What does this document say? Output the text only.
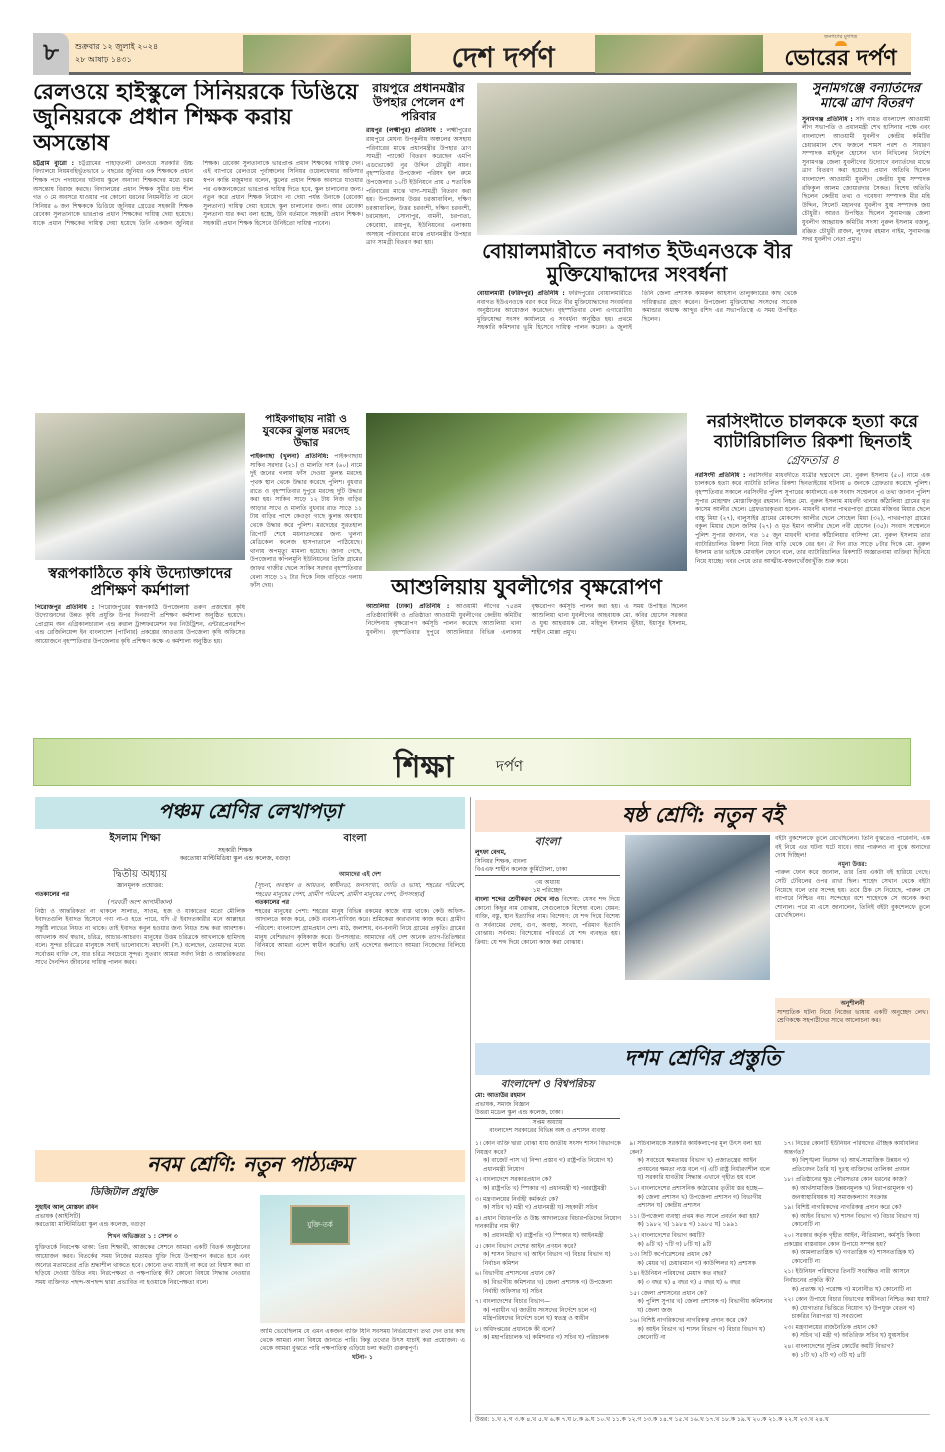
৮	শুক্রবার ১২ জুলাই ২০২৪
২৮ আষাঢ় ১৪৩১	দেশ দর্পণ
জনগণের মুখপত্র
ভোরের দর্পণ
রেলওয়ে হাইস্কুলে সিনিয়রকে ডিঙিয়ে জুনিয়রকে প্রধান শিক্ষক করায় অসন্তোষ
চট্টগ্রাম ব্যুরো : চট্টগ্রামের পাহাড়তলী রেলওয়ে সরকারি উচ্চ বিদ্যালয়ে নিয়মবহির্ভূতভাবে ৮ বছরের জুনিয়র এক শিক্ষককে প্রধান শিক্ষক পদে পদায়নের ঘটনায় স্কুলে অন্যান্য শিক্ষকদের মধ্যে চরম অসন্তোষ বিরাজ করছে। বিদ্যালয়ের প্রধান শিক্ষক সুধীর চন্দ্র শীল গত ৩ মে অবসরে যাওয়ার পর কোনো ধরনের নিয়মনীতি না মেনে সিনিয়র ৬ জন শিক্ষককে ডিঙিয়ে জুনিয়র গ্রেডের সহকারী শিক্ষক রেবেকা সুলতানাকে ভারপ্রাপ্ত প্রধান শিক্ষকের দায়িত্ব দেয়া হয়েছে। যাকে প্রধান শিক্ষকের দায়িত্ব দেয়া হয়েছে তিনি একজন জুনিয়র শিক্ষক। রেবেকা সুলতানাকে ভারপ্রাপ্ত প্রধান শিক্ষকের দায়িত্ব দেন। এই ব্যাপারে রেলওয়ে পূর্বাঞ্চলের সিনিয়র ওয়েলফেয়ার অফিসার স্বপন কান্তি মজুমদার বলেন, স্কুলের প্রধান শিক্ষক অবসরে যাওয়ার পর একজনকেতো ভারপ্রাপ্ত দায়িত্ব দিতে হবে, স্কুল চালানোর জন্য। নতুন করে প্রধান শিক্ষক নিয়োগ না দেয়া পর্যন্ত উনাকে (রেবেকা সুলতানা) দায়িত্ব দেয়া হয়েছে স্কুল চালানোর জন্য। আর রেবেকা সুলতানা যার কথা বলা হচ্ছে, উনি বর্তমানে সহকারী প্রধান শিক্ষক। সহকারী প্রধান শিক্ষক হিসেবে উনিইতো দায়িত্ব পাবেন।
রায়পুরে প্রধানমন্ত্রীর উপহার পেলেন ৫শ পরিবার
রায়পুর (লক্ষ্মীপুর) প্রতিনিধি : লক্ষ্মীপুরের রায়পুরে মেঘনা উপকূলীয় অঞ্চলের অসহায় পরিবারের মাঝে প্রধানমন্ত্রীর উপহার ত্রাণ সামগ্রী প্যাকেট বিতরণ করেছেন এমপি এডভোকেট নুর উদ্দিন চৌধুরী নয়ন। বৃহস্পতিবার উপজেলা পরিষদ হল রুমে উপজেলার ১০টি ইউনিয়নে প্রায় ৫ শতাধিক পরিবারের মাঝে খাদ্য-সামগ্রী বিতরণ করা হয়। উপজেলার উত্তর চরআবাবিল, দক্ষিণ চরআবাবিল, উত্তর চরবংশী, দক্ষিণ চরবংশী, চরমোহনা, সোনাপুর, বামনী, চরপাতা, কেরোয়া, রায়পুর, ইউনিয়নের এলাকায় অসহায় পরিবারের মাঝে প্রধানমন্ত্রীর উপহার ত্রাণ সামগ্রী বিতরণ করা হয়।	বোয়ালমারীতে নবাগত ইউএনওকে বীর মুক্তিযোদ্ধাদের সংবর্ধনা
বোয়ালমারী (ফরিদপুর) প্রতিনিধি : ফরিদপুরের বোয়ালমারীতে নবাগত ইউএনওকে বরণ করে নিতে বীর মুক্তিযোদ্ধাদের সংবর্ধনার অনুষ্ঠানের আয়োজন করেছেন। বৃহস্পতিবার বেলা এগারোটায় মুক্তিযোদ্ধা সংসদ কার্যালয়ে এ সংবর্ধনা অনুষ্ঠিত হয়। প্রথমে সহকারি কমিশনার ভূমি হিসেবে দায়িত্ব পালন করেন। ৯ জুলাই তিনি জেলা প্রশাসক কামরুল আহসান তালুকদারের কাছ থেকে দায়িত্বভার গ্রহণ করেন। উপজেলা মুক্তিযোদ্ধা সংসদের সাবেক কমান্ডার অধ্যক্ষ আব্দুর রশিদ এর সভাপতিত্বে এ সময় উপস্থিত ছিলেন।
সুনামগঞ্জে বন্যার্তদের মাঝে ত্রাণ বিতরণ
সুনামগঞ্জ প্রতিনিধি : সদি বাধত বাংলাদেশ আওয়ামী লীগ সভাপতি ও প্রধানমন্ত্রী শেখ হাসিনার পক্ষে এবং বাংলাদেশ আওয়ামী যুবলীগ কেন্দ্রীয় কমিটির চেয়ারম্যান শেখ ফজলে শামস পরশ ও সাধারণ সম্পাদক মাইনুল হোসেন খান নিখিলের নির্দেশে সুনামগঞ্জ জেলা যুবলীগের উদ্যোগে বন্যার্তদের মাঝে ত্রাণ বিতরণ করা হয়েছে। প্রধান অতিথি ছিলেন বাংলাদেশ আওয়ামী যুবলীগ কেন্দ্রীয় যুগ্ম সম্পাদক রফিকুল আলম জোয়ারদার সৈকত। বিশেষ অতিথি ছিলেন কেন্দ্রীয় তথ্য ও গবেষণা সম্পাদক মীর মহি উদ্দিন, সিলেট মহানগর যুবলীগ যুগ্ম সম্পাদক জয় চৌধুরী। আরও উপস্থিত ছিলেন সুনামগঞ্জ জেলা যুবলীগ আহ্বায়ক কমিটির সদস্য নুরুল ইসলাম বজলু, রঞ্জিত চৌধুরী রাজন, লুৎফর রহমান নাইম, সুনামগঞ্জ সদর যুবলীগ নেতা প্রমুখ।
স্বরূপকাঠিতে কৃষি উদ্যোক্তাদের প্রশিক্ষণ কর্মশালা
পিরোজপুর প্রতিনিধি : পিরোজপুরের স্বরূপকাঠি উপজেলায় তরুণ প্রজন্মের কৃষি উদ্যোক্তাদের উন্নত কৃষি প্রযুক্তি উপর দিনব্যাপী প্রশিক্ষণ কর্মশালা অনুষ্ঠিত হয়েছে। প্রোগ্রাম অন এগ্রিকালচারাল এন্ড রুরাল ট্রান্সফরমেশন ফর নিউট্রিশন, এন্টারপ্রেনরশিপ এন্ড রেজিলিয়েন্স ইন বাংলাদেশ (পার্টনার) প্রকল্পের আওতায় উপজেলা কৃষি অফিসের আয়োজনে বৃহস্পতিবার উপজেলার কৃষি প্রশিক্ষণ কক্ষে এ কর্মশালা অনুষ্ঠিত হয়।
পাইকগাছায় নারী ও যুবকের ঝুলন্ত মরদেহ উদ্ধার
পাইকগাছা (খুলনা) প্রতিনিধি: পাইকগাছায় সাকিব সরদার (২১) ও মালতি দাস (৬০) নামে দুই জনের গলায় ফাঁস দেওয়া ঝুলন্ত মরদেহ পৃথক স্থান থেকে উদ্ধার করেছে পুলিশ। বুধবার রাতে ও বৃহস্পতিবার দুপুরে মরদেহ দুটি উদ্ধার করা হয়। সাকিব সাড়ে ১২ টায় নিজ বাড়ির আড়ার সাথে ও মালতি বুধবার রাত সাড়ে ১১ টায় বাড়ির পাশে কেওড়া গাছে ঝুলন্ত অবস্থায় থেকে উদ্ধার করে পুলিশ। মরদেহের সুরতহাল রিপোর্ট শেষে ময়নাতদন্তের জন্য খুলনা মেডিকেল কলেজ হাসপাতালে পাঠিয়েছে। থানায় অপমৃত্যু মামলা হয়েছে। জানা গেছে, উপজেলার কপিলমুনি ইউনিয়নের প্রিজি গ্রামের জাফর গাজীর ছেলে সাকিব সরদার বৃহস্পতিবার বেলা সাড়ে ১২ টার দিকে নিজ বাড়িতে গলায় ফাঁস দেয়।	আশুলিয়ায় যুবলীগের বৃক্ষরোপণ
আশুলিয়া (ঢাকা) প্রতিনিধি : আওয়ামী লীগের ৭৫তম প্রতিষ্ঠাবার্ষিকী ও প্রতিষ্ঠাতা আওয়ামী যুবলীগের কেন্দ্রীয় কমিটির নির্দেশনায় বৃক্ষরোপণ কর্মসূচি পালন করেছে আশুলিয়া থানা যুবলীগ। বৃহস্পতিবার দুপুরে আশুলিয়ার বিভিন্ন এলাকায় বৃক্ষরোপণ কর্মসূচি পালন করা হয়। এ সময় উপস্থিত ছিলেন আশুলিয়া থানা যুবলীগের আহবায়ক মো. কবির হোসেন সরকার ও যুগ্ম আহবায়ক মো. মহিদুল ইসলাম ভূঁইয়া, ইয়াসুর ইসলাম, শাহীন মোল্লা প্রমুখ।
নরসিংদীতে চালককে হত্যা করে ব্যাটারিচালিত রিকশা ছিনতাই
গ্রেফতার ৪
নরসিংদী প্রতিনিধি : নরসিংদীর মাধবদীতে যাত্রীর ছদ্মবেশে মো. নুরুল ইসলাম (৫০) নামে এক চালককে হত্যা করে ব্যাটারি চালিত রিকশা ছিনতাইয়ের ঘটনায় ৪ জনকে গ্রেফতার করেছে পুলিশ। বৃহস্পতিবার সকালে নরসিংদীর পুলিশ সুপারের কার্যালয়ে এক সংবাদ সম্মেলনে এ তথ্য জানান পুলিশ সুপার মোহাম্মদ মোস্তাফিজুর রহমান। নিহত মো. নুরুল ইসলাম মাধবদী থানার কাঁঠালিয়া গ্রামের মৃত কাসেম আলীর ছেলে। গ্রেফতারকৃতরা হলেন- মাধবদী থানার পাথরপাড়া গ্রামের মজিবর মিয়ার ছেলে বাচ্চু মিয়া (২৭), বালুসাইর গ্রামের মোকসেদ আলীর ছেলে সোহেল মিয়া (৩২), পাথরপাড়া গ্রামের বকুল মিয়ার ছেলে জসিম (২৭) ও মৃত ইমান আলীর ছেলে নবী হোসেন (৩৫)। সংবাদ সম্মেলনে পুলিশ সুপার জানান, গত ১৫ জুন মাধবদী থানার কাঁঠালিয়ার বাসিন্দা মো. নুরুল ইসলাম তার ব্যাটারিচালিত রিকশা নিয়ে নিজ বাড়ি থেকে বের হন। ঐ দিন রাত সাড়ে ৮টার দিকে মো. নুরুল ইসলাম তার ভাইকে মোবাইল ফোনে বলে, তার ব্যাটারিচালিত রিকশাটি অজ্ঞাতনামা ব্যক্তিরা ছিনিয়ে নিয়ে যাচ্ছে। খবর পেয়ে তার আত্মীয়-স্বজনখোঁজাখুঁজি শুরু করে।
শিক্ষা	দর্পণ
পঞ্চম শ্রেণির লেখাপড়া
ইসলাম শিক্ষা	বাংলা
সহকারী শিক্ষক
করতোয়া মাল্টিমিডিয়া স্কুল এন্ড কলেজ, বগুড়া
দ্বিতীয় অধ্যায়
জ্ঞানমূলক প্রশ্নোত্তর:
গতকালের পর
(পরবর্তী অংশ আগামীকাল)
নিষ্ঠা ও আন্তরিকতা না থাকলে সালাত, সাওম, হজ ও যাকাতের মতো মৌলিক ইবাদতগুলি ইবাদত হিসেবে গণ্য না-ও হতে পারে, যদি ঐ ইবাদতকারীর মনে আল্লাহর সন্তুষ্টি লাভের নিয়ত না থাকে। তাই ইবাদত কবুল হওয়ার জন্য নিয়ত শুদ্ধ করা আবশ্যক। আখলাক অর্থ স্বভাব, চরিত্র, আচার-আচরণ। মানুষের উত্তম চরিত্রকে আখলাকে হামিদাহ বলে। সুন্দর চরিত্রের মানুষকে সবাই ভালোবাসে। মহানবী (স.) বলেছেন, তোমাদের মধ্যে সর্বোত্তম ব্যক্তি সে, যার চরিত্র সবচেয়ে সুন্দর। সুতরাং আমরা সর্বদা নিষ্ঠা ও আন্তরিকতার সাথে দৈনন্দিন জীবনের দায়িত্ব পালন করব।
আমাদের এই দেশ
[সূচনা, অবস্থান ও আয়তন, স্বাধীনতা, জনসংখ্যা, জাতি ও ভাষা, শহরের পরিবেশ, শহরের মানুষের পেশা, গ্রামীণ পরিবেশ, গ্রামীণ মানুষের পেশা, উপসংহার]
গতকালের পর
শহরের মানুষের পেশা: শহরের মানুষ বিভিন্ন রকমের কাজে ব্যস্ত থাকে। কেউ অফিস-আদালতে কাজ করে, কেউ ব্যবসা-বাণিজ্য করে। শ্রমিকেরা কারখানায় কাজ করে। গ্রামীণ পরিবেশ: বাংলাদেশ গ্রামপ্রধান দেশ। মাঠ, জলাশয়, বন-বনানী নিয়ে গ্রামের প্রকৃতি। গ্রামের মানুষ বেশিরভাগ কৃষিকাজ করে। উপসংহার: আমাদের এই দেশ অনেক ত্যাগ-তিতিক্ষার বিনিময়ে আমরা এদেশ স্বাধীন করেছি। তাই এদেশের কল্যাণে আমরা নিজেদের বিলিয়ে দিব।
নবম শ্রেণি: নতুন পাঠ্যক্রম
ডিজিটাল প্রযুক্তি
সুহাইব আল্ মোস্তফা রবিন
প্রভাষক (আইসিটি)
করতোয়া মাল্টিমিডিয়া স্কুল এন্ড কলেজ, বগুড়া
শিখন অভিজ্ঞতা ১ : সেশন ৩
যুক্তিতর্কে নিরপেক্ষ থাকা: প্রিয় শিক্ষার্থী, আজকের সেশনে আমরা একটি বিতর্ক অনুষ্ঠানের আয়োজন করব। বিতর্কের সময় নিজের মতামত যুক্তি দিয়ে উপস্থাপন করতে হবে এবং অন্যের মতামতের প্রতি শ্রদ্ধাশীল থাকতে হবে। কোনো তথ্য যাচাই না করে তা বিশ্বাস করা বা ছড়িয়ে দেওয়া উচিত নয়। নিরপেক্ষতা ও পক্ষপাতিত্ব কী? কোনো বিষয়ে সিদ্ধান্ত নেওয়ার সময় ব্যক্তিগত পছন্দ-অপছন্দ দ্বারা প্রভাবিত না হওয়াকে নিরপেক্ষতা বলে।
যুক্তি-তর্ক
আমি ভেবেছিলাম যে এমন একজন ব্যক্তি যিনি সবসময় নির্ভরযোগ্য তথ্য দেন তার কাছ থেকে আমরা নানা বিষয়ে জানতে পারি। কিন্তু তথ্যের উৎস যাচাই করা প্রয়োজন। এ থেকে আমরা বুঝতে পারি পক্ষপাতিত্ব এড়িয়ে চলা কতটা গুরুত্বপূর্ণ।
ঘটনা- ১
ষষ্ঠ শ্রেণি: নতুন বই
বাংলা
লুৎফা বেগম,
সিনিয়র শিক্ষক, বাংলা
বিএএফ শাহীন কলেজ কুর্মিটোলা, ঢাকা
৩য় অধ্যায়
১ম পরিচ্ছেদ
বাংলা শব্দের শ্রেণীকরণ দেখে নাও বিশেষ্য: যেসব শব্দ দিয়ে কোনো কিছুর নাম বোঝায়, সেগুলোকে বিশেষ্য বলে। যেমন: ব্যক্তি, বস্তু, স্থান ইত্যাদির নাম। বিশেষণ: যে শব্দ দিয়ে বিশেষ্য ও সর্বনামের দোষ, গুণ, অবস্থা, সংখ্যা, পরিমাণ ইত্যাদি বোঝায়। সর্বনাম: বিশেষ্যের পরিবর্তে যে শব্দ ব্যবহৃত হয়। ক্রিয়া: যে শব্দ দিয়ে কোনো কাজ করা বোঝায়।
বইটা বুকশেলফে তুলে রেখেছিলেন। তিনি বুঝতেও পারেননি, এক বই নিয়ে এত ঘটনা ঘটে যাবে। আর পারুলও না বুঝে অন্যদের দোষ দিচ্ছিল!
নমুনা উত্তর:
পারুল ফোন করে জানাল, তার প্রিয় একটা বই হারিয়ে গেছে। সেটি টেবিলের ওপর রাখা ছিল। শাহেদ সেখান থেকে বইটা নিয়েছে বলে তার সন্দেহ হয়। তবে ঠিক সে নিয়েছে, পারুল সে ব্যাপারে নিশ্চিত নয়। সন্দেহের বশে শাহেদকে সে অনেক কথা শোনাল। পরে মা এসে জানালেন, তিনিই বইটা বুকশেলফে তুলে রেখেছিলেন।
অনুশীলনী
সাম্প্রতিক ঘটনা নিয়ে নিজের ভাষায় একটি অনুচ্ছেদ লেখ। শ্রেণিকক্ষে সহপাঠীদের সাথে আলোচনা কর।
দশম শ্রেণির প্রস্তুতি
বাংলাদেশ ও বিশ্বপরিচয়
মো: আতাউর রহমান
প্রভাষক, সমাজ বিজ্ঞান
উত্তরা মডেল স্কুল এন্ড কলেজ, ঢাকা।
সপ্তম অধ্যায়
বাংলাদেশ সরকারের বিভিন্ন অঙ্গ ও প্রশাসন ব্যবস্থা
১। কোন ব্যক্তি দ্বারা বোঝা যায় জাতীয় সংসদ শাসন বিভাগকে নিয়ন্ত্রণ করে?
ক) বাজেট পাস খ) নিন্দা প্রস্তাব গ) রাষ্ট্রপতি নিয়োগ ঘ) প্রধানমন্ত্রী নিয়োগ
২। বাংলাদেশে সরকারপ্রধান কে?
ক) রাষ্ট্রপতি খ) স্পিকার গ) প্রধানমন্ত্রী ঘ) পররাষ্ট্রমন্ত্রী
৩। মন্ত্রণালয়ের নির্বাহী কর্মকর্তা কে?
ক) সচিব খ) মন্ত্রী গ) প্রধানমন্ত্রী ঘ) সহকারী সচিব
৪। প্রধান বিচারপতি ও উচ্চ আদালতের বিচারপতিদের নিয়োগ দানকারীর নাম কী?
ক) প্রধানমন্ত্রী খ) রাষ্ট্রপতি গ) স্পিকার ঘ) আইনমন্ত্রী
৫। কোন বিভাগ দেশের আইন প্রণয়ন করে?
ক) শাসন বিভাগ খ) আইন বিভাগ গ) বিচার বিভাগ ঘ) নির্বাচন কমিশন
৬। বিভাগীয় প্রশাসনের প্রধান কে?
ক) বিভাগীয় কমিশনার খ) জেলা প্রশাসক গ) উপজেলা নির্বাহী অফিসার ঘ) সচিব
৭। বাংলাদেশের বিচার বিভাগ—
ক) পরাধীন খ) জাতীয় সংসদের নির্দেশে চলে গ) মন্ত্রিপরিষদের নির্দেশে চলে ঘ) স্বতন্ত্র ও স্বাধীন
৮। অধিদপ্তরের প্রধানকে কী বলে?
ক) মহাপরিচালক খ) কমিশনার গ) সচিব ঘ) পরিচালক
৯। সচিবালয়কে সরকারি কার্যকলাপের মূল উৎস বলা হয় কেন?
ক) সবচেয়ে ক্ষমতাধর বিভাগ খ) প্রজাতন্ত্রের আইন প্রণয়নের ক্ষমতা ন্যস্ত বলে গ) এটি রাষ্ট্র নির্ধারণশীল বলে ঘ) সরকারি যাবতীয় সিদ্ধান্ত এখানে গৃহীত হয় বলে
১০। বাংলাদেশের প্রশাসনিক কাঠামোর তৃতীয় স্তর হচ্ছে—
ক) জেলা প্রশাসন খ) উপজেলা প্রশাসন গ) বিভাগীয় প্রশাসন ঘ) কেন্দ্রীয় প্রশাসন
১১। উপজেলা ব্যবস্থা প্রথম কত সালে প্রবর্তন করা হয়?
ক) ১৯৮২ খ) ১৯৮৪ গ) ১৯৮৫ ঘ) ১৯৯১
১২। বাংলাদেশের বিভাগ কয়টি?
ক) ৬টি খ) ৭টি গ) ৮টি ঘ) ৯টি
১৩। সিটি কর্পোরেশনের প্রধান কে?
ক) মেয়র খ) চেয়ারম্যান গ) কাউন্সিলর ঘ) প্রশাসক
১৪। ইউনিয়ন পরিষদের মেয়াদ কত বছর?
ক) ৩ বছর খ) ৪ বছর গ) ৫ বছর ঘ) ৬ বছর
১৫। জেলা প্রশাসনের প্রধান কে?
ক) পুলিশ সুপার খ) জেলা প্রশাসক গ) বিভাগীয় কমিশনার ঘ) জেলা জজ
১৬। বিশিষ্ট নাগরিকদের নাগরিকত্ব প্রদান করে কে?
ক) আইন বিভাগ খ) শাসন বিভাগ গ) বিচার বিভাগ ঘ) কোনোটি না
১৭। নিচের কোনটি ইউনিয়ন পরিষদের ঐচ্ছিক কার্যাবলির অন্তর্গত?
ক) বিশৃঙ্খলা নিরসন খ) আর্থ-সামাজিক উন্নয়ন গ) প্রতিবেদন তৈরি ঘ) দুঃস্থ ব্যক্তিদের তালিকা প্রণয়ন
১৮। প্রতিষ্ঠানের ক্ষুদ্র পৌরসভার কোন ধরনের কাজ?
ক) আর্থসামাজিক উন্নয়নমূলক খ) নিরাপত্তামূলক গ) জনস্বাস্থ্যবিষয়ক ঘ) সমাজকল্যাণ সংক্রান্ত
১৯। বিশিষ্ট নাগরিকদের নাগরিকত্ব প্রদান করে কে?
ক) আইন বিভাগ খ) শাসন বিভাগ গ) বিচার বিভাগ ঘ) কোনোটি না
২০। সরকার কর্তৃক গৃহীত আইন, নীতিমালা, কর্মসূচি কিংবা প্রকল্পের বাস্তবায়ন কোন উপায়ে সম্পন্ন হয়?
ক) আমলাতান্ত্রিক খ) গণতান্ত্রিক গ) শাসনতান্ত্রিক ঘ) কোনোটি না
২১। ইউনিয়ন পরিষদের তিনটি সংরক্ষিত নারী আসনে নির্বাচনের প্রকৃতি কী?
ক) প্রত্যক্ষ খ) পরোক্ষ গ) মনোনীত ঘ) কোনোটি না
২২। কোন উপায়ে বিচার বিভাগের স্বাধীনতা নিশ্চিত করা যায়?
ক) যোগ্যতার ভিত্তিতে নিয়োগ খ) উপযুক্ত বেতন গ) চাকরির নিরাপত্তা ঘ) সবগুলো
২৩। মন্ত্রণালয়ের রাজনৈতিক প্রধান কে?
ক) সচিব খ) মন্ত্রী গ) অতিরিক্ত সচিব ঘ) যুগ্মসচিব
২৪। বাংলাদেশের সুপ্রিম কোর্টের কয়টি বিভাগ?
ক) ১টি খ) ২টি গ) ৩টি ঘ) ৪টি
উত্তর: ১.খ ২.গ ৩.ক ৪.খ ৫.খ ৬.ক ৭.ঘ ৮.ক ৯.ঘ ১০.খ ১১.ক ১২.গ ১৩.ক ১৪.গ ১৫.খ ১৬.খ ১৭.খ ১৮.ক ১৯.খ ২০.ক ২১.ক ২২.ঘ ২৩.খ ২৪.খ
